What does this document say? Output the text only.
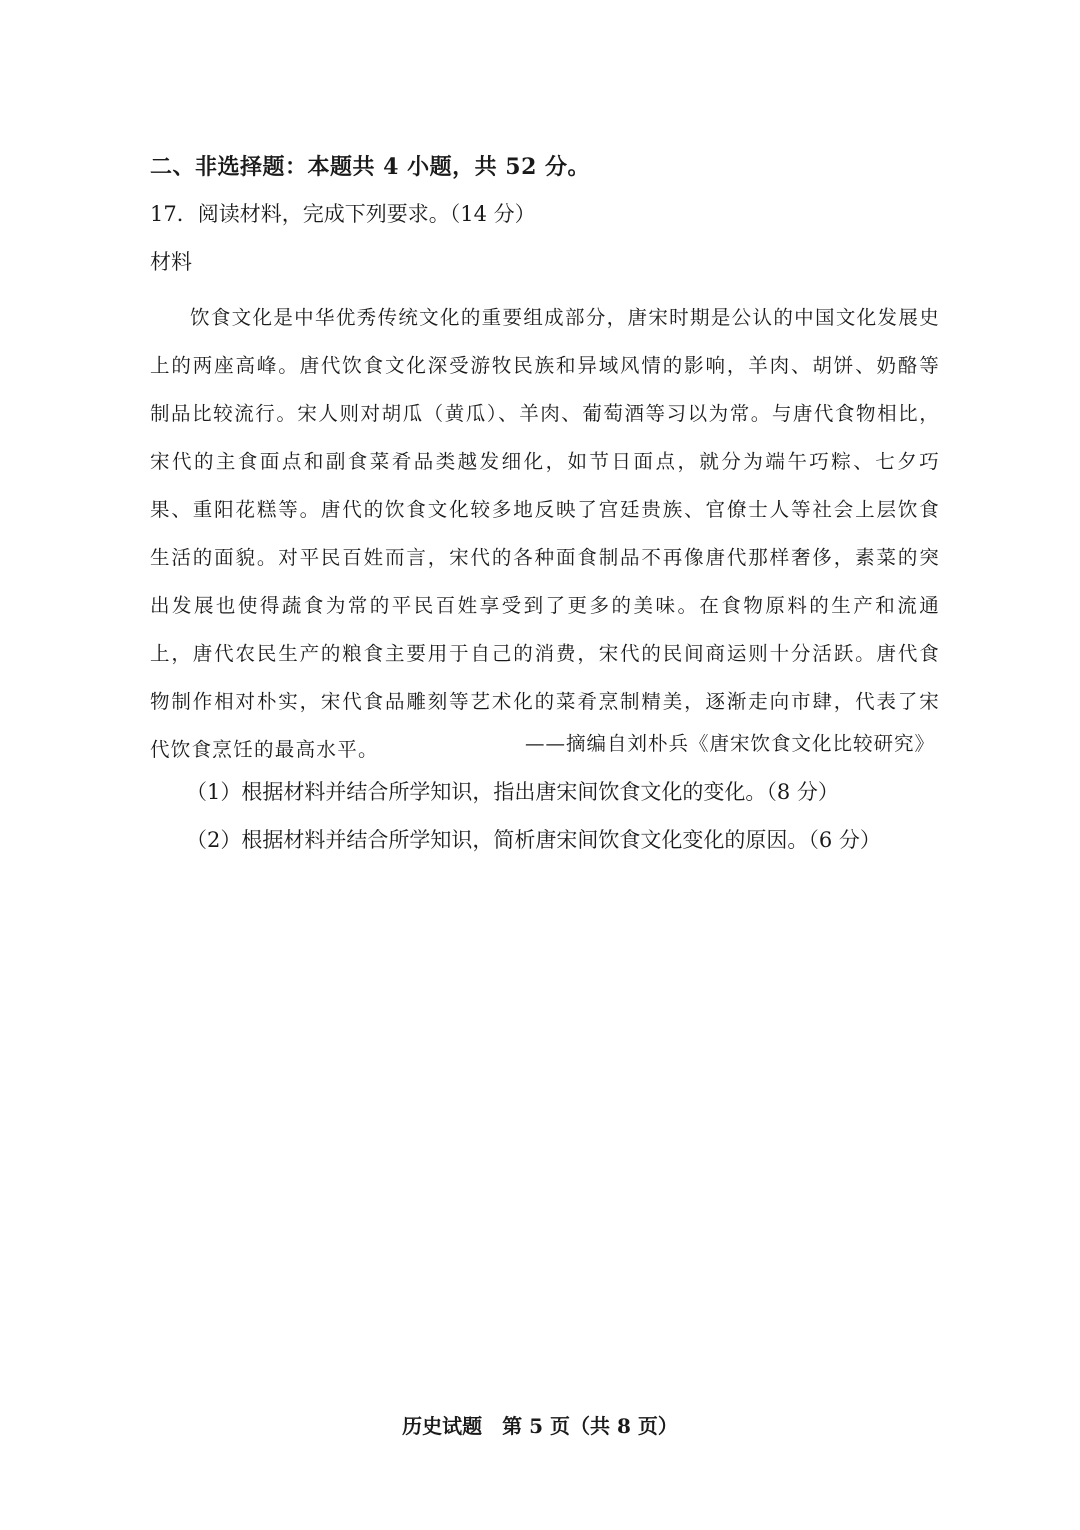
二、非选择题：本题共 4 小题，共 52 分。
17．阅读材料，完成下列要求。（14 分）
材料
饮食文化是中华优秀传统文化的重要组成部分，唐宋时期是公认的中国文化发展史上的两座高峰。唐代饮食文化深受游牧民族和异域风情的影响，羊肉、胡饼、奶酪等制品比较流行。宋人则对胡瓜（黄瓜）、羊肉、葡萄酒等习以为常。与唐代食物相比，宋代的主食面点和副食菜肴品类越发细化，如节日面点，就分为端午巧粽、七夕巧果、重阳花糕等。唐代的饮食文化较多地反映了宫廷贵族、官僚士人等社会上层饮食生活的面貌。对平民百姓而言，宋代的各种面食制品不再像唐代那样奢侈，素菜的突出发展也使得蔬食为常的平民百姓享受到了更多的美味。在食物原料的生产和流通上，唐代农民生产的粮食主要用于自己的消费，宋代的民间商运则十分活跃。唐代食物制作相对朴实，宋代食品雕刻等艺术化的菜肴烹制精美，逐渐走向市肆，代表了宋代饮食烹饪的最高水平。	——摘编自刘朴兵《唐宋饮食文化比较研究》
（1）根据材料并结合所学知识，指出唐宋间饮食文化的变化。（8 分）
（2）根据材料并结合所学知识，简析唐宋间饮食文化变化的原因。（6 分）
历史试题　第 5 页（共 8 页）
